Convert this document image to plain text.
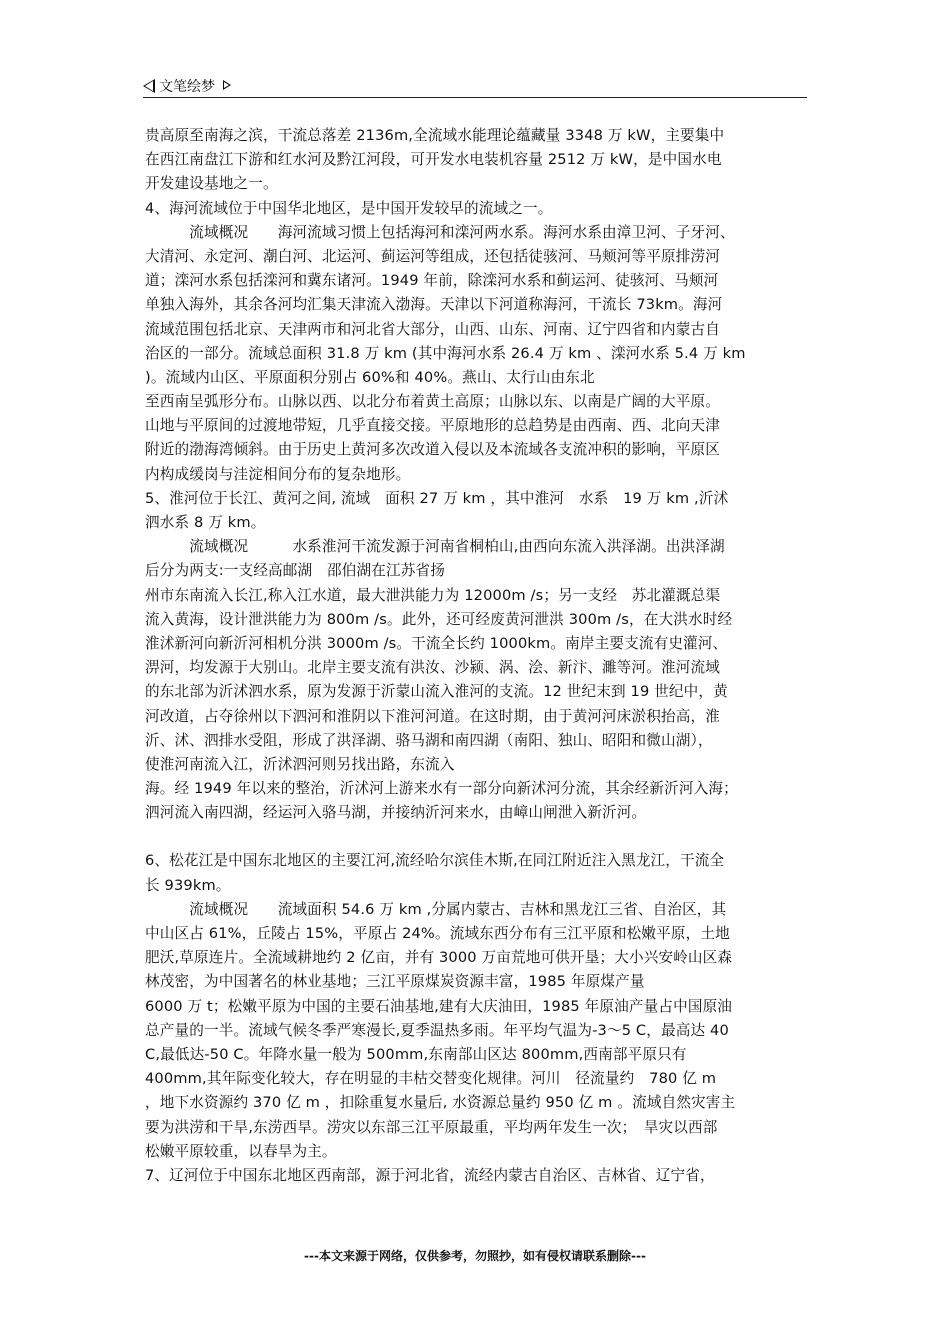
文笔绘梦
贵高原至南海之滨，干流总落差 2136m,全流域水能理论蕴藏量 3348 万 kW，主要集中
在西江南盘江下游和红水河及黔江河段，可开发水电装机容量 2512 万 kW，是中国水电
开发建设基地之一。
4、海河流域位于中国华北地区，是中国开发较早的流域之一。
　　　流域概况　　海河流域习惯上包括海河和滦河两水系。海河水系由漳卫河、子牙河、
大清河、永定河、潮白河、北运河、蓟运河等组成，还包括徒骇河、马颊河等平原排涝河
道；滦河水系包括滦河和冀东诸河。1949 年前，除滦河水系和蓟运河、徒骇河、马颊河
单独入海外，其余各河均汇集天津流入渤海。天津以下河道称海河，干流长 73km。海河
流域范围包括北京、天津两市和河北省大部分，山西、山东、河南、辽宁四省和内蒙古自
治区的一部分。流域总面积 31.8 万 km (其中海河水系 26.4 万 km 、滦河水系 5.4 万 km
)。流域内山区、平原面积分别占 60%和 40%。燕山、太行山由东北
至西南呈弧形分布。山脉以西、以北分布着黄土高原；山脉以东、以南是广阔的大平原。
山地与平原间的过渡地带短，几乎直接交接。平原地形的总趋势是由西南、西、北向天津
附近的渤海湾倾斜。由于历史上黄河多次改道入侵以及本流域各支流冲积的影响，平原区
内构成缓岗与洼淀相间分布的复杂地形。
5、淮河位于长江、黄河之间, 流域　面积 27 万 km ，其中淮河　水系　19 万 km ,沂沭
泗水系 8 万 km。
　　　流域概况　　　水系淮河干流发源于河南省桐柏山,由西向东流入洪泽湖。出洪泽湖
后分为两支:一支经高邮湖　邵伯湖在江苏省扬
州市东南流入长江,称入江水道，最大泄洪能力为 12000m /s；另一支经　苏北灌溉总渠
流入黄海，设计泄洪能力为 800m /s。此外，还可经废黄河泄洪 300m /s，在大洪水时经
淮沭新河向新沂河相机分洪 3000m /s。干流全长约 1000km。南岸主要支流有史灌河、
淠河，均发源于大别山。北岸主要支流有洪汝、沙颍、涡、浍、新汴、濉等河。淮河流域
的东北部为沂沭泗水系，原为发源于沂蒙山流入淮河的支流。12 世纪末到 19 世纪中，黄
河改道，占夺徐州以下泗河和淮阴以下淮河河道。在这时期，由于黄河河床淤积抬高，淮
沂、沭、泗排水受阻，形成了洪泽湖、骆马湖和南四湖（南阳、独山、昭阳和微山湖），
使淮河南流入江，沂沭泗河则另找出路，东流入
海。经 1949 年以来的整治，沂沭河上游来水有一部分向新沭河分流，其余经新沂河入海；
泗河流入南四湖，经运河入骆马湖，并接纳沂河来水，由嶂山闸泄入新沂河。
6、松花江是中国东北地区的主要江河,流经哈尔滨佳木斯,在同江附近注入黑龙江，干流全
长 939km。
　　　流域概况　　流域面积 54.6 万 km ,分属内蒙古、吉林和黑龙江三省、自治区，其
中山区占 61%，丘陵占 15%，平原占 24%。流域东西分布有三江平原和松嫩平原，土地
肥沃,草原连片。全流域耕地约 2 亿亩，并有 3000 万亩荒地可供开垦；大小兴安岭山区森
林茂密，为中国著名的林业基地；三江平原煤炭资源丰富，1985 年原煤产量
6000 万 t；松嫩平原为中国的主要石油基地,建有大庆油田，1985 年原油产量占中国原油
总产量的一半。流域气候冬季严寒漫长,夏季温热多雨。年平均气温为-3～5 C，最高达 40
C,最低达-50 C。年降水量一般为 500mm,东南部山区达 800mm,西南部平原只有
400mm,其年际变化较大，存在明显的丰枯交替变化规律。河川　径流量约　780 亿 m
，地下水资源约 370 亿 m ，扣除重复水量后, 水资源总量约 950 亿 m 。流域自然灾害主
要为洪涝和干旱,东涝西旱。涝灾以东部三江平原最重，平均两年发生一次；　旱灾以西部
松嫩平原较重，以春旱为主。
7、辽河位于中国东北地区西南部，源于河北省，流经内蒙古自治区、吉林省、辽宁省，
---本文来源于网络，仅供参考，勿照抄，如有侵权请联系删除---
